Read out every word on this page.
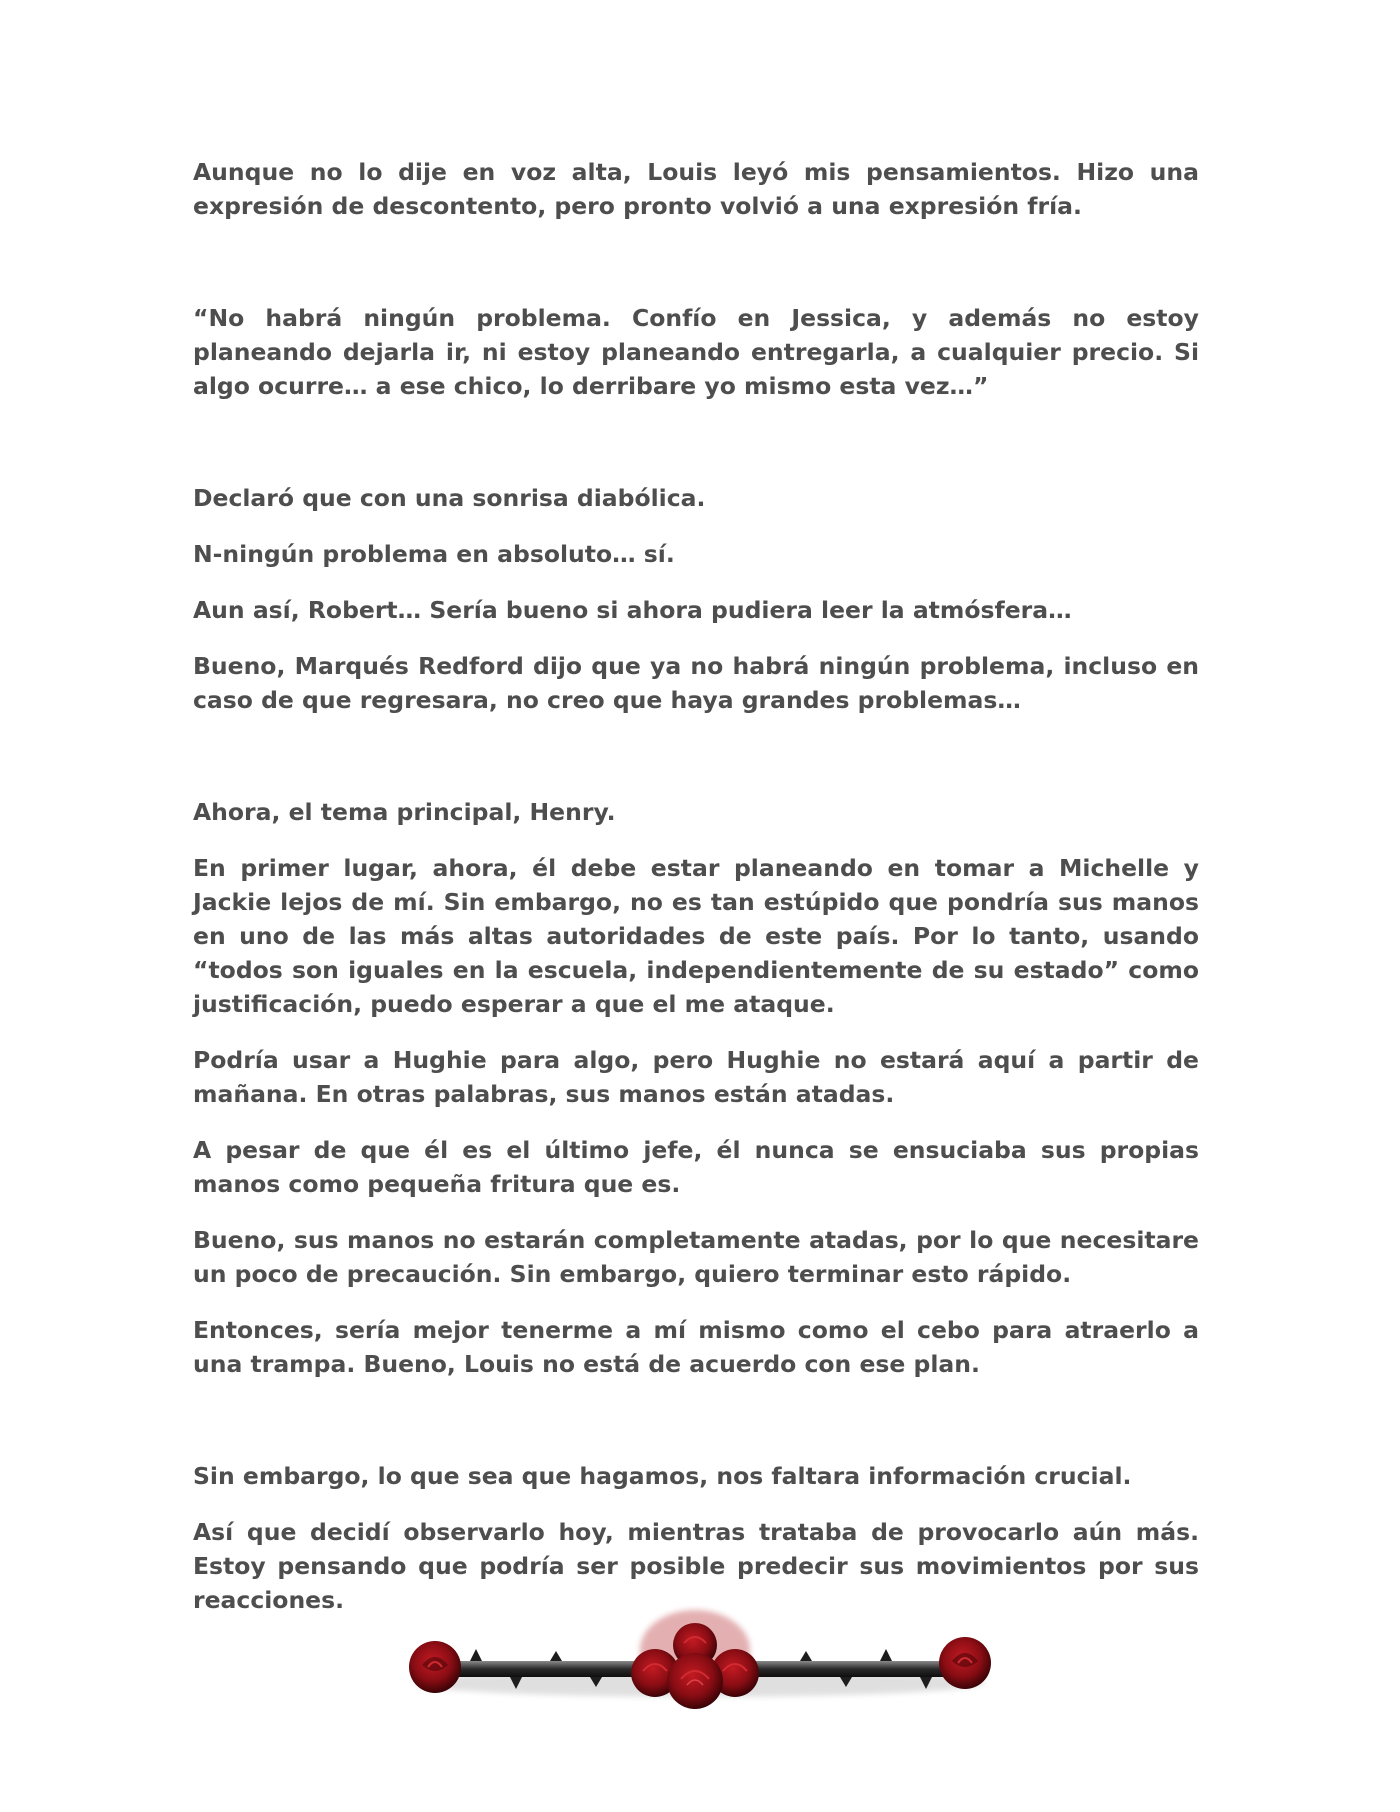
Aunque no lo dije en voz alta, Louis leyó mis pensamientos. Hizo una expresión de descontento, pero pronto volvió a una expresión fría.

“No habrá ningún problema. Confío en Jessica, y además no estoy planeando dejarla ir, ni estoy planeando entregarla, a cualquier precio. Si algo ocurre… a ese chico, lo derribare yo mismo esta vez…”

Declaró que con una sonrisa diabólica.

N-ningún problema en absoluto… sí.

Aun así, Robert… Sería bueno si ahora pudiera leer la atmósfera…

Bueno, Marqués Redford dijo que ya no habrá ningún problema, incluso en caso de que regresara, no creo que haya grandes problemas…

Ahora, el tema principal, Henry.

En primer lugar, ahora, él debe estar planeando en tomar a Michelle y Jackie lejos de mí. Sin embargo, no es tan estúpido que pondría sus manos en uno de las más altas autoridades de este país. Por lo tanto, usando “todos son iguales en la escuela, independientemente de su estado” como justificación, puedo esperar a que el me ataque.

Podría usar a Hughie para algo, pero Hughie no estará aquí a partir de mañana. En otras palabras, sus manos están atadas.

A pesar de que él es el último jefe, él nunca se ensuciaba sus propias manos como pequeña fritura que es.

Bueno, sus manos no estarán completamente atadas, por lo que necesitare un poco de precaución. Sin embargo, quiero terminar esto rápido.

Entonces, sería mejor tenerme a mí mismo como el cebo para atraerlo a una trampa. Bueno, Louis no está de acuerdo con ese plan.

Sin embargo, lo que sea que hagamos, nos faltara información crucial.

Así que decidí observarlo hoy, mientras trataba de provocarlo aún más. Estoy pensando que podría ser posible predecir sus movimientos por sus reacciones.
